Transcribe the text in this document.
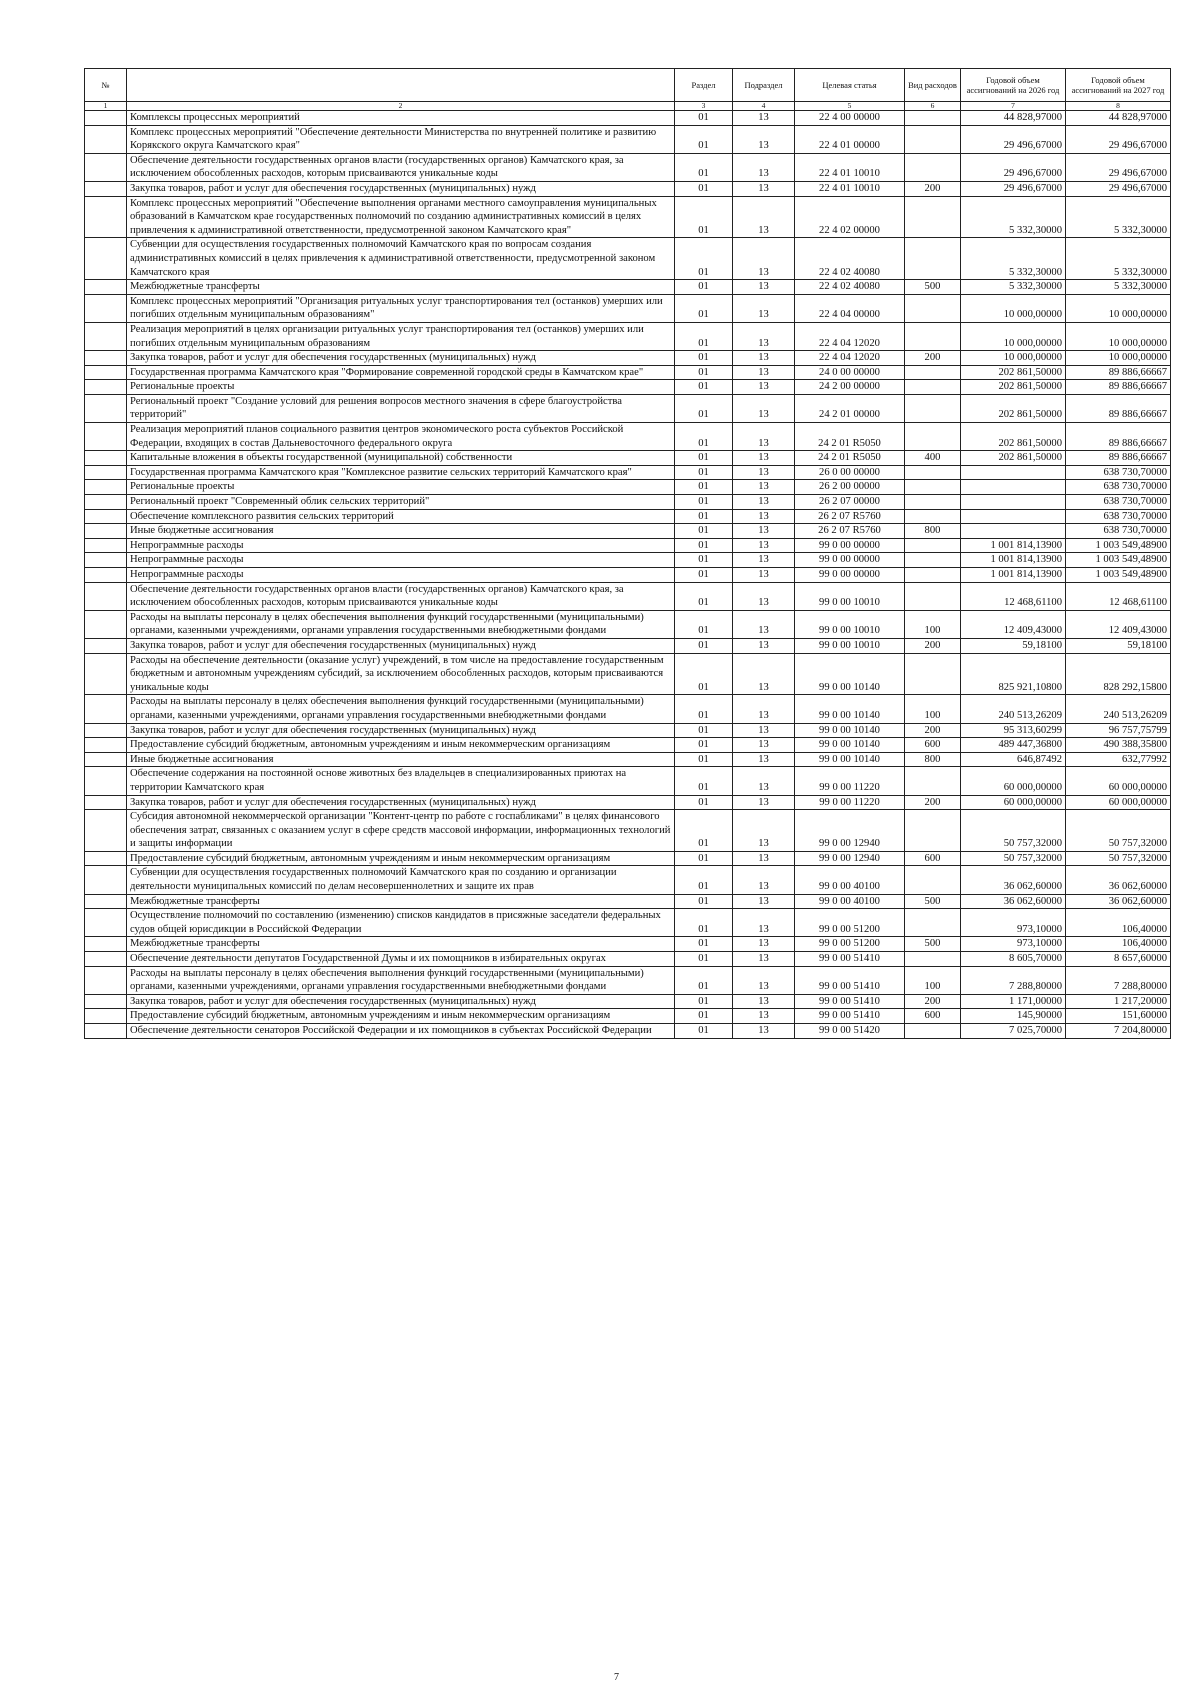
№		Раздел	Подраздел	Целевая статья	Вид расходов	Годовой объем ассигнований на 2026 год	Годовой объем ассигнований на 2027 год
1	2	3	4	5	6	7	8
	Комплексы процессных мероприятий	01	13	22 4 00 00000		44 828,97000	44 828,97000
	Комплекс процессных мероприятий "Обеспечение деятельности Министерства по внутренней политике и развитию Корякского округа Камчатского края"	01	13	22 4 01 00000		29 496,67000	29 496,67000
	Обеспечение деятельности государственных органов власти (государственных органов) Камчатского края, за исключением обособленных расходов, которым присваиваются уникальные коды	01	13	22 4 01 10010		29 496,67000	29 496,67000
	Закупка товаров, работ и услуг для обеспечения государственных (муниципальных) нужд	01	13	22 4 01 10010	200	29 496,67000	29 496,67000
	Комплекс процессных мероприятий "Обеспечение выполнения органами местного самоуправления муниципальных образований в Камчатском крае государственных полномочий по созданию административных комиссий в целях привлечения к административной ответственности, предусмотренной законом Камчатского края"	01	13	22 4 02 00000		5 332,30000	5 332,30000
	Субвенции для осуществления государственных полномочий Камчатского края по вопросам создания административных комиссий в целях привлечения к административной ответственности, предусмотренной законом Камчатского края	01	13	22 4 02 40080		5 332,30000	5 332,30000
	Межбюджетные трансферты	01	13	22 4 02 40080	500	5 332,30000	5 332,30000
	Комплекс процессных мероприятий "Организация ритуальных услуг транспортирования тел (останков) умерших или погибших отдельным муниципальным образованиям"	01	13	22 4 04 00000		10 000,00000	10 000,00000
	Реализация мероприятий в целях организации ритуальных услуг транспортирования тел (останков) умерших или погибших отдельным муниципальным образованиям	01	13	22 4 04 12020		10 000,00000	10 000,00000
	Закупка товаров, работ и услуг для обеспечения государственных (муниципальных) нужд	01	13	22 4 04 12020	200	10 000,00000	10 000,00000
	Государственная программа Камчатского края "Формирование современной городской среды в Камчатском крае"	01	13	24 0 00 00000		202 861,50000	89 886,66667
	Региональные проекты	01	13	24 2 00 00000		202 861,50000	89 886,66667
	Региональный проект "Создание условий для решения вопросов местного значения в сфере благоустройства территорий"	01	13	24 2 01 00000		202 861,50000	89 886,66667
	Реализация мероприятий планов социального развития центров экономического роста субъектов Российской Федерации, входящих в состав Дальневосточного федерального округа	01	13	24 2 01 R5050		202 861,50000	89 886,66667
	Капитальные вложения в объекты государственной (муниципальной) собственности	01	13	24 2 01 R5050	400	202 861,50000	89 886,66667
	Государственная программа Камчатского края "Комплексное развитие сельских территорий Камчатского края"	01	13	26 0 00 00000			638 730,70000
	Региональные проекты	01	13	26 2 00 00000			638 730,70000
	Региональный проект "Современный облик сельских территорий"	01	13	26 2 07 00000			638 730,70000
	Обеспечение комплексного развития сельских территорий	01	13	26 2 07 R5760			638 730,70000
	Иные бюджетные ассигнования	01	13	26 2 07 R5760	800		638 730,70000
	Непрограммные расходы	01	13	99 0 00 00000		1 001 814,13900	1 003 549,48900
	Непрограммные расходы	01	13	99 0 00 00000		1 001 814,13900	1 003 549,48900
	Непрограммные расходы	01	13	99 0 00 00000		1 001 814,13900	1 003 549,48900
	Обеспечение деятельности государственных органов власти (государственных органов) Камчатского края, за исключением обособленных расходов, которым присваиваются уникальные коды	01	13	99 0 00 10010		12 468,61100	12 468,61100
	Расходы на выплаты персоналу в целях обеспечения выполнения функций государственными (муниципальными) органами, казенными учреждениями, органами управления государственными внебюджетными фондами	01	13	99 0 00 10010	100	12 409,43000	12 409,43000
	Закупка товаров, работ и услуг для обеспечения государственных (муниципальных) нужд	01	13	99 0 00 10010	200	59,18100	59,18100
	Расходы на обеспечение деятельности (оказание услуг) учреждений, в том числе на предоставление государственным бюджетным и автономным учреждениям субсидий, за исключением обособленных расходов, которым присваиваются уникальные коды	01	13	99 0 00 10140		825 921,10800	828 292,15800
	Расходы на выплаты персоналу в целях обеспечения выполнения функций государственными (муниципальными) органами, казенными учреждениями, органами управления государственными внебюджетными фондами	01	13	99 0 00 10140	100	240 513,26209	240 513,26209
	Закупка товаров, работ и услуг для обеспечения государственных (муниципальных) нужд	01	13	99 0 00 10140	200	95 313,60299	96 757,75799
	Предоставление субсидий бюджетным, автономным учреждениям и иным некоммерческим организациям	01	13	99 0 00 10140	600	489 447,36800	490 388,35800
	Иные бюджетные ассигнования	01	13	99 0 00 10140	800	646,87492	632,77992
	Обеспечение содержания на постоянной основе животных без владельцев в специализированных приютах на территории Камчатского края	01	13	99 0 00 11220		60 000,00000	60 000,00000
	Закупка товаров, работ и услуг для обеспечения государственных (муниципальных) нужд	01	13	99 0 00 11220	200	60 000,00000	60 000,00000
	Субсидия автономной некоммерческой организации "Контент-центр по работе с госпабликами" в целях финансового обеспечения затрат, связанных с оказанием услуг в сфере средств массовой информации, информационных технологий и защиты информации	01	13	99 0 00 12940		50 757,32000	50 757,32000
	Предоставление субсидий бюджетным, автономным учреждениям и иным некоммерческим организациям	01	13	99 0 00 12940	600	50 757,32000	50 757,32000
	Субвенции для осуществления государственных полномочий Камчатского края по созданию и организации деятельности муниципальных комиссий по делам несовершеннолетних и защите их прав	01	13	99 0 00 40100		36 062,60000	36 062,60000
	Межбюджетные трансферты	01	13	99 0 00 40100	500	36 062,60000	36 062,60000
	Осуществление полномочий по составлению (изменению) списков кандидатов в присяжные заседатели федеральных судов общей юрисдикции в Российской Федерации	01	13	99 0 00 51200		973,10000	106,40000
	Межбюджетные трансферты	01	13	99 0 00 51200	500	973,10000	106,40000
	Обеспечение деятельности депутатов Государственной Думы и их помощников в избирательных округах	01	13	99 0 00 51410		8 605,70000	8 657,60000
	Расходы на выплаты персоналу в целях обеспечения выполнения функций государственными (муниципальными) органами, казенными учреждениями, органами управления государственными внебюджетными фондами	01	13	99 0 00 51410	100	7 288,80000	7 288,80000
	Закупка товаров, работ и услуг для обеспечения государственных (муниципальных) нужд	01	13	99 0 00 51410	200	1 171,00000	1 217,20000
	Предоставление субсидий бюджетным, автономным учреждениям и иным некоммерческим организациям	01	13	99 0 00 51410	600	145,90000	151,60000
	Обеспечение деятельности сенаторов Российской Федерации и их помощников в субъектах Российской Федерации	01	13	99 0 00 51420		7 025,70000	7 204,80000
7
